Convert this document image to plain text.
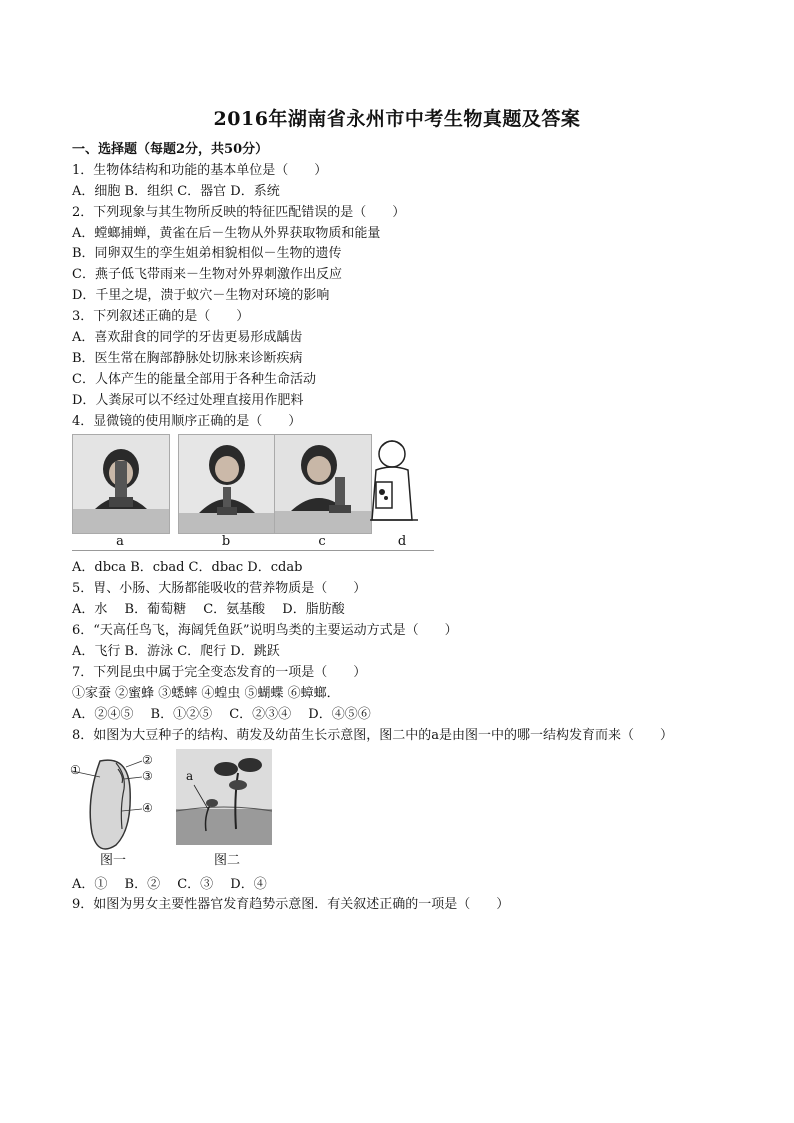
2016年湖南省永州市中考生物真题及答案
一、选择题（每题2分，共50分）
1．生物体结构和功能的基本单位是（　　）
A．细胞 B．组织 C．器官 D．系统
2．下列现象与其生物所反映的特征匹配错误的是（　　）
A．螳螂捕蝉，黄雀在后－生物从外界获取物质和能量
B．同卵双生的孪生姐弟相貌相似－生物的遗传
C．燕子低飞带雨来－生物对外界刺激作出反应
D．千里之堤，溃于蚁穴－生物对环境的影响
3．下列叙述正确的是（　　）
A．喜欢甜食的同学的牙齿更易形成龋齿
B．医生常在胸部静脉处切脉来诊断疾病
C．人体产生的能量全部用于各种生命活动
D．人粪尿可以不经过处理直接用作肥料
4．显微镜的使用顺序正确的是（　　）
a	b	c	d
A．dbca B．cbad C．dbac D．cdab
5．胃、小肠、大肠都能吸收的营养物质是（　　）
A．水　 B．葡萄糖　 C．氨基酸　 D．脂肪酸
6．“天高任鸟飞，海阔凭鱼跃”说明鸟类的主要运动方式是（　　）
A．飞行 B．游泳 C．爬行 D．跳跃
7．下列昆虫中属于完全变态发育的一项是（　　）
①家蚕 ②蜜蜂 ③蟋蟀 ④蝗虫 ⑤蝴蝶 ⑥蟑螂．
A．②④⑤　 B．①②⑤　 C．②③④　 D．④⑤⑥
8．如图为大豆种子的结构、萌发及幼苗生长示意图，图二中的a是由图一中的哪一结构发育而来（　　）
①
②
③
④
图一
a
图二
A．①　 B．②　 C．③　 D．④
9．如图为男女主要性器官发育趋势示意图．有关叙述正确的一项是（　　）
